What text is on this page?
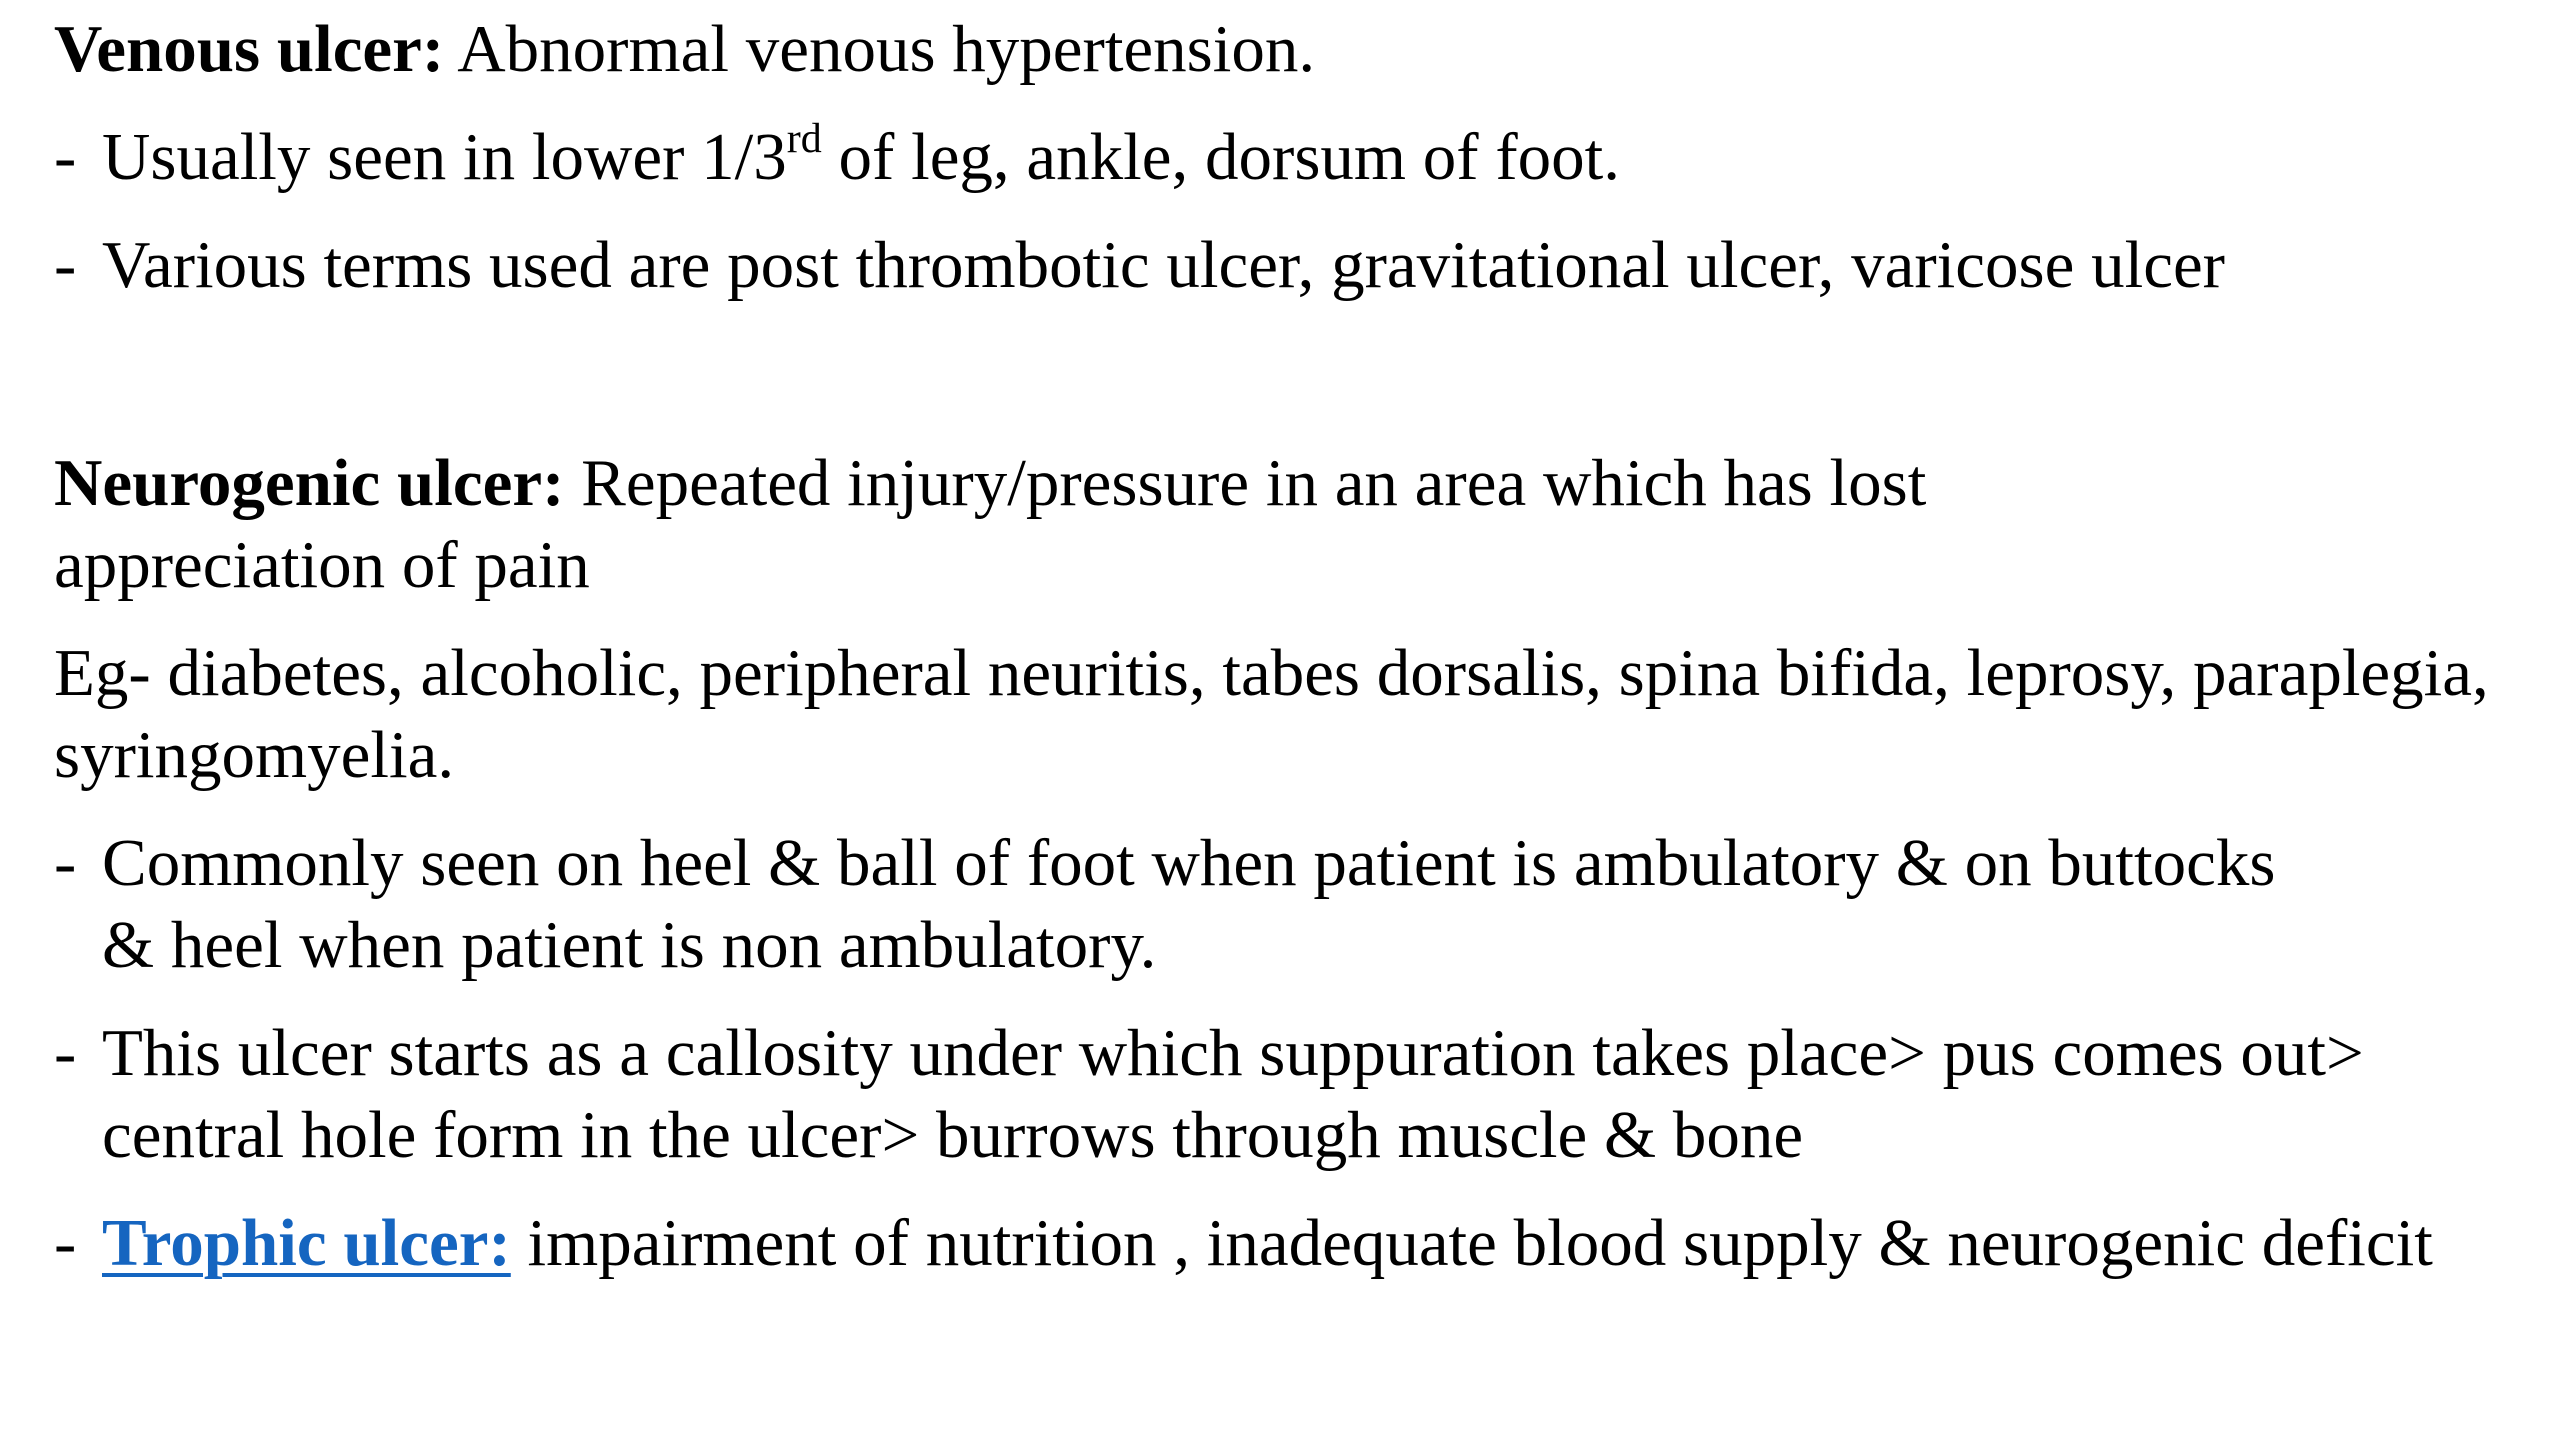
Venous ulcer: Abnormal venous hypertension.
- Usually seen in lower 1/3rd of leg, ankle, dorsum of foot.
- Various terms used are post thrombotic ulcer, gravitational ulcer, varicose ulcer
Neurogenic ulcer: Repeated injury/pressure in an area which has lost appreciation of pain
Eg- diabetes, alcoholic, peripheral neuritis, tabes dorsalis, spina bifida, leprosy, paraplegia, syringomyelia.
- Commonly seen on heel & ball of foot when patient is ambulatory & on buttocks & heel when patient is non ambulatory.
- This ulcer starts as a callosity under which suppuration takes place> pus comes out> central hole form in the ulcer> burrows through muscle & bone
- Trophic ulcer: impairment of nutrition , inadequate blood supply & neurogenic deficit
